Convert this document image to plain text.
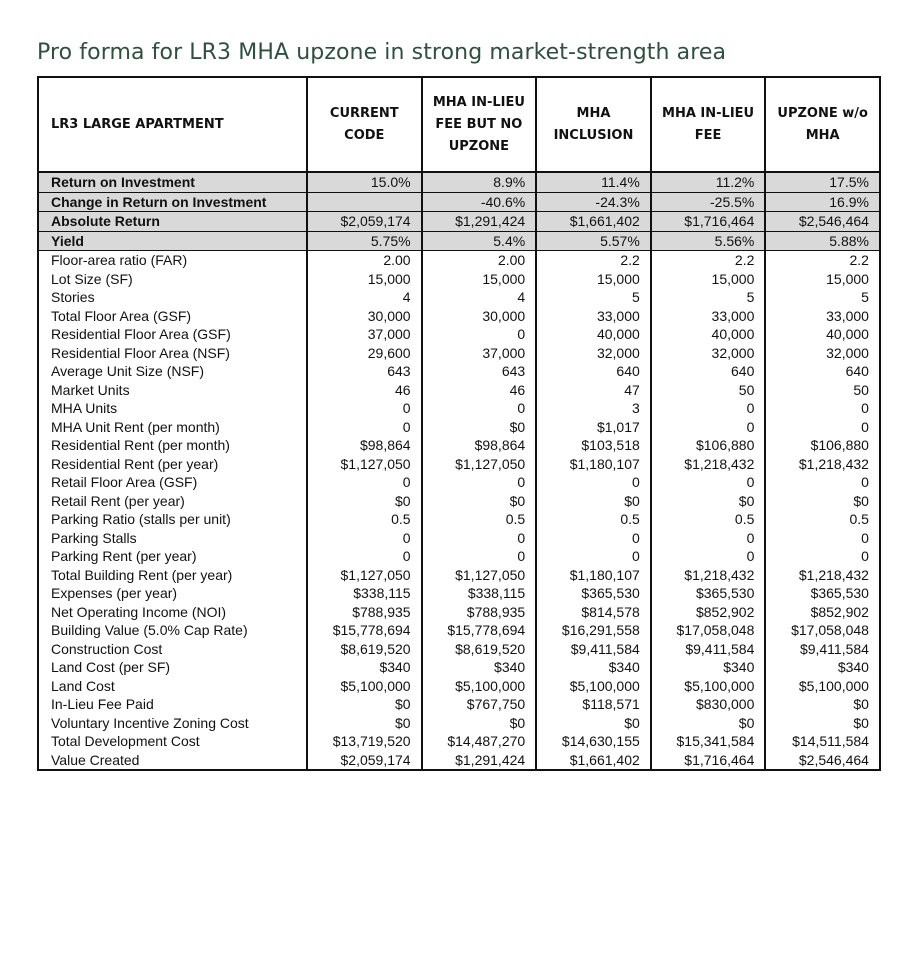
Pro forma for LR3 MHA upzone in strong market-strength area
LR3 LARGE APARTMENT	CURRENT CODE	MHA IN-LIEU FEE BUT NO UPZONE	MHA INCLUSION	MHA IN-LIEU FEE	UPZONE w/o MHA
Return on Investment	15.0%	8.9%	11.4%	11.2%	17.5%
Change in Return on Investment		-40.6%	-24.3%	-25.5%	16.9%
Absolute Return	$2,059,174	$1,291,424	$1,661,402	$1,716,464	$2,546,464
Yield	5.75%	5.4%	5.57%	5.56%	5.88%
Floor-area ratio (FAR)	2.00	2.00	2.2	2.2	2.2
Lot Size (SF)	15,000	15,000	15,000	15,000	15,000
Stories	4	4	5	5	5
Total Floor Area (GSF)	30,000	30,000	33,000	33,000	33,000
Residential Floor Area (GSF)	37,000	0	40,000	40,000	40,000
Residential Floor Area (NSF)	29,600	37,000	32,000	32,000	32,000
Average Unit Size (NSF)	643	643	640	640	640
Market Units	46	46	47	50	50
MHA Units	0	0	3	0	0
MHA Unit Rent (per month)	0	$0	$1,017	0	0
Residential Rent (per month)	$98,864	$98,864	$103,518	$106,880	$106,880
Residential Rent (per year)	$1,127,050	$1,127,050	$1,180,107	$1,218,432	$1,218,432
Retail Floor Area (GSF)	0	0	0	0	0
Retail Rent (per year)	$0	$0	$0	$0	$0
Parking Ratio (stalls per unit)	0.5	0.5	0.5	0.5	0.5
Parking Stalls	0	0	0	0	0
Parking Rent (per year)	0	0	0	0	0
Total Building Rent (per year)	$1,127,050	$1,127,050	$1,180,107	$1,218,432	$1,218,432
Expenses (per year)	$338,115	$338,115	$365,530	$365,530	$365,530
Net Operating Income (NOI)	$788,935	$788,935	$814,578	$852,902	$852,902
Building Value (5.0% Cap Rate)	$15,778,694	$15,778,694	$16,291,558	$17,058,048	$17,058,048
Construction Cost	$8,619,520	$8,619,520	$9,411,584	$9,411,584	$9,411,584
Land Cost (per SF)	$340	$340	$340	$340	$340
Land Cost	$5,100,000	$5,100,000	$5,100,000	$5,100,000	$5,100,000
In-Lieu Fee Paid	$0	$767,750	$118,571	$830,000	$0
Voluntary Incentive Zoning Cost	$0	$0	$0	$0	$0
Total Development Cost	$13,719,520	$14,487,270	$14,630,155	$15,341,584	$14,511,584
Value Created	$2,059,174	$1,291,424	$1,661,402	$1,716,464	$2,546,464
